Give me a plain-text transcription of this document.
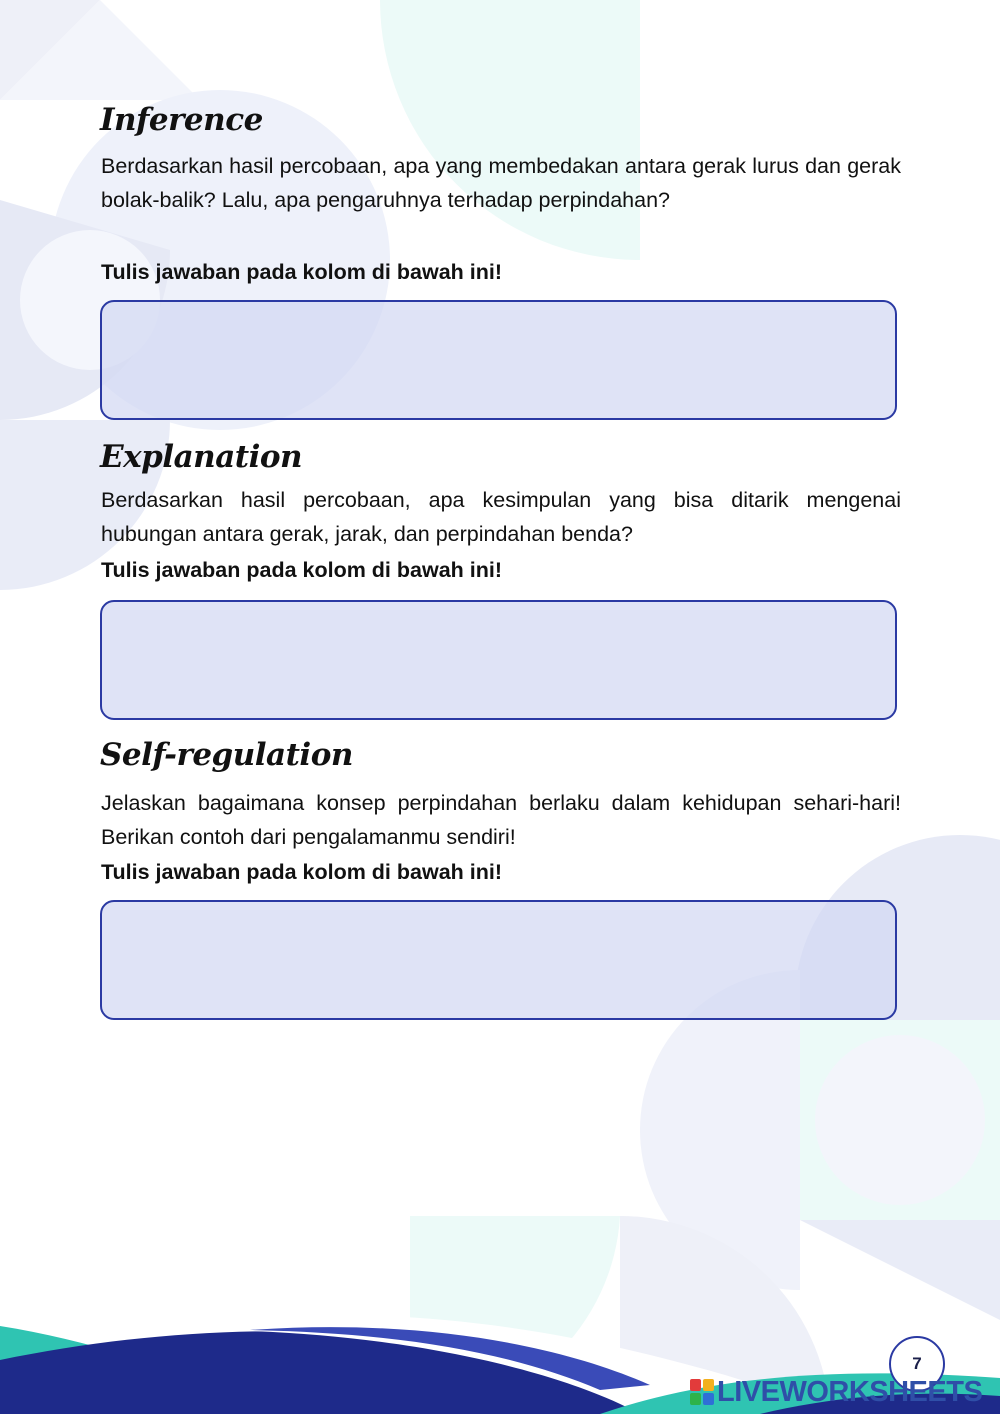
Inference

Berdasarkan hasil percobaan, apa yang membedakan antara gerak lurus dan gerak bolak-balik? Lalu, apa pengaruhnya terhadap perpindahan?

Tulis jawaban pada kolom di bawah ini!

Explanation

Berdasarkan hasil percobaan, apa kesimpulan yang bisa ditarik mengenai hubungan antara gerak, jarak, dan perpindahan benda?

Tulis jawaban pada kolom di bawah ini!

Self-regulation

Jelaskan bagaimana konsep perpindahan berlaku dalam kehidupan sehari-hari! Berikan contoh dari pengalamanmu sendiri!

Tulis jawaban pada kolom di bawah ini!

7
LIVEWORKSHEETS
